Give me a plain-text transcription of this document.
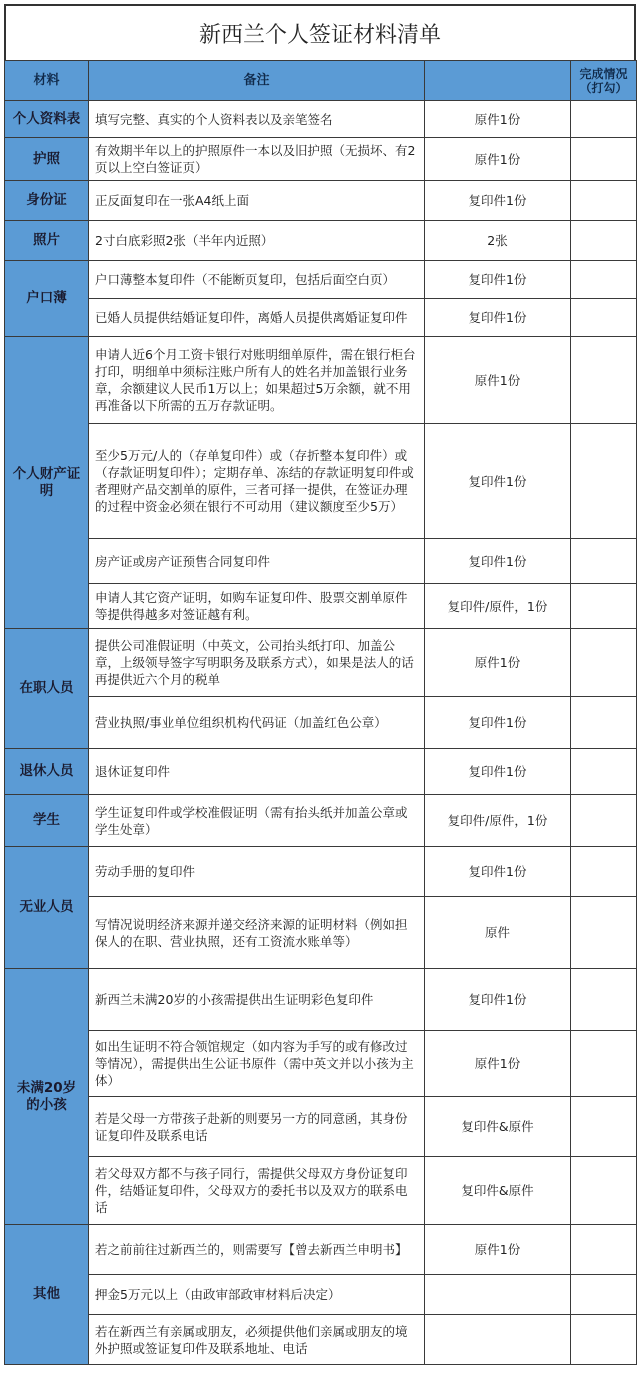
新西兰个人签证材料清单
材料	备注		完成情况（打勾）
个人资料表	填写完整、真实的个人资料表以及亲笔签名	原件1份	
护照	有效期半年以上的护照原件一本以及旧护照（无损坏、有2页以上空白签证页）	原件1份	
身份证	正反面复印在一张A4纸上面	复印件1份	
照片	2寸白底彩照2张（半年内近照）	2张	
户口薄	户口薄整本复印件（不能断页复印，包括后面空白页）	复印件1份	
	已婚人员提供结婚证复印件，离婚人员提供离婚证复印件	复印件1份	
个人财产证明	申请人近6个月工资卡银行对账明细单原件，需在银行柜台打印，明细单中须标注账户所有人的姓名并加盖银行业务章，余额建议人民币1万以上；如果超过5万余额，就不用再准备以下所需的五万存款证明。	原件1份	
	至少5万元/人的（存单复印件）或（存折整本复印件）或（存款证明复印件）；定期存单、冻结的存款证明复印件或者理财产品交割单的原件，三者可择一提供，在签证办理的过程中资金必须在银行不可动用（建议额度至少5万）	复印件1份	
	房产证或房产证预售合同复印件	复印件1份	
	申请人其它资产证明，如购车证复印件、股票交割单原件等提供得越多对签证越有利。	复印件/原件，1份	
在职人员	提供公司准假证明（中英文，公司抬头纸打印、加盖公章，上级领导签字写明职务及联系方式），如果是法人的话再提供近六个月的税单	原件1份	
	营业执照/事业单位组织机构代码证（加盖红色公章）	复印件1份	
退休人员	退休证复印件	复印件1份	
学生	学生证复印件或学校准假证明（需有抬头纸并加盖公章或学生处章）	复印件/原件，1份	
无业人员	劳动手册的复印件	复印件1份	
	写情况说明经济来源并递交经济来源的证明材料（例如担保人的在职、营业执照，还有工资流水账单等）	原件	
未满20岁的小孩	新西兰未满20岁的小孩需提供出生证明彩色复印件	复印件1份	
	如出生证明不符合领馆规定（如内容为手写的或有修改过等情况），需提供出生公证书原件（需中英文并以小孩为主体）	原件1份	
	若是父母一方带孩子赴新的则要另一方的同意函，其身份证复印件及联系电话	复印件&原件	
	若父母双方都不与孩子同行，需提供父母双方身份证复印件，结婚证复印件，父母双方的委托书以及双方的联系电话	复印件&原件	
其他	若之前前往过新西兰的，则需要写【曾去新西兰申明书】	原件1份	
	押金5万元以上（由政审部政审材料后决定）		
	若在新西兰有亲属或朋友，必须提供他们亲属或朋友的境外护照或签证复印件及联系地址、电话		
